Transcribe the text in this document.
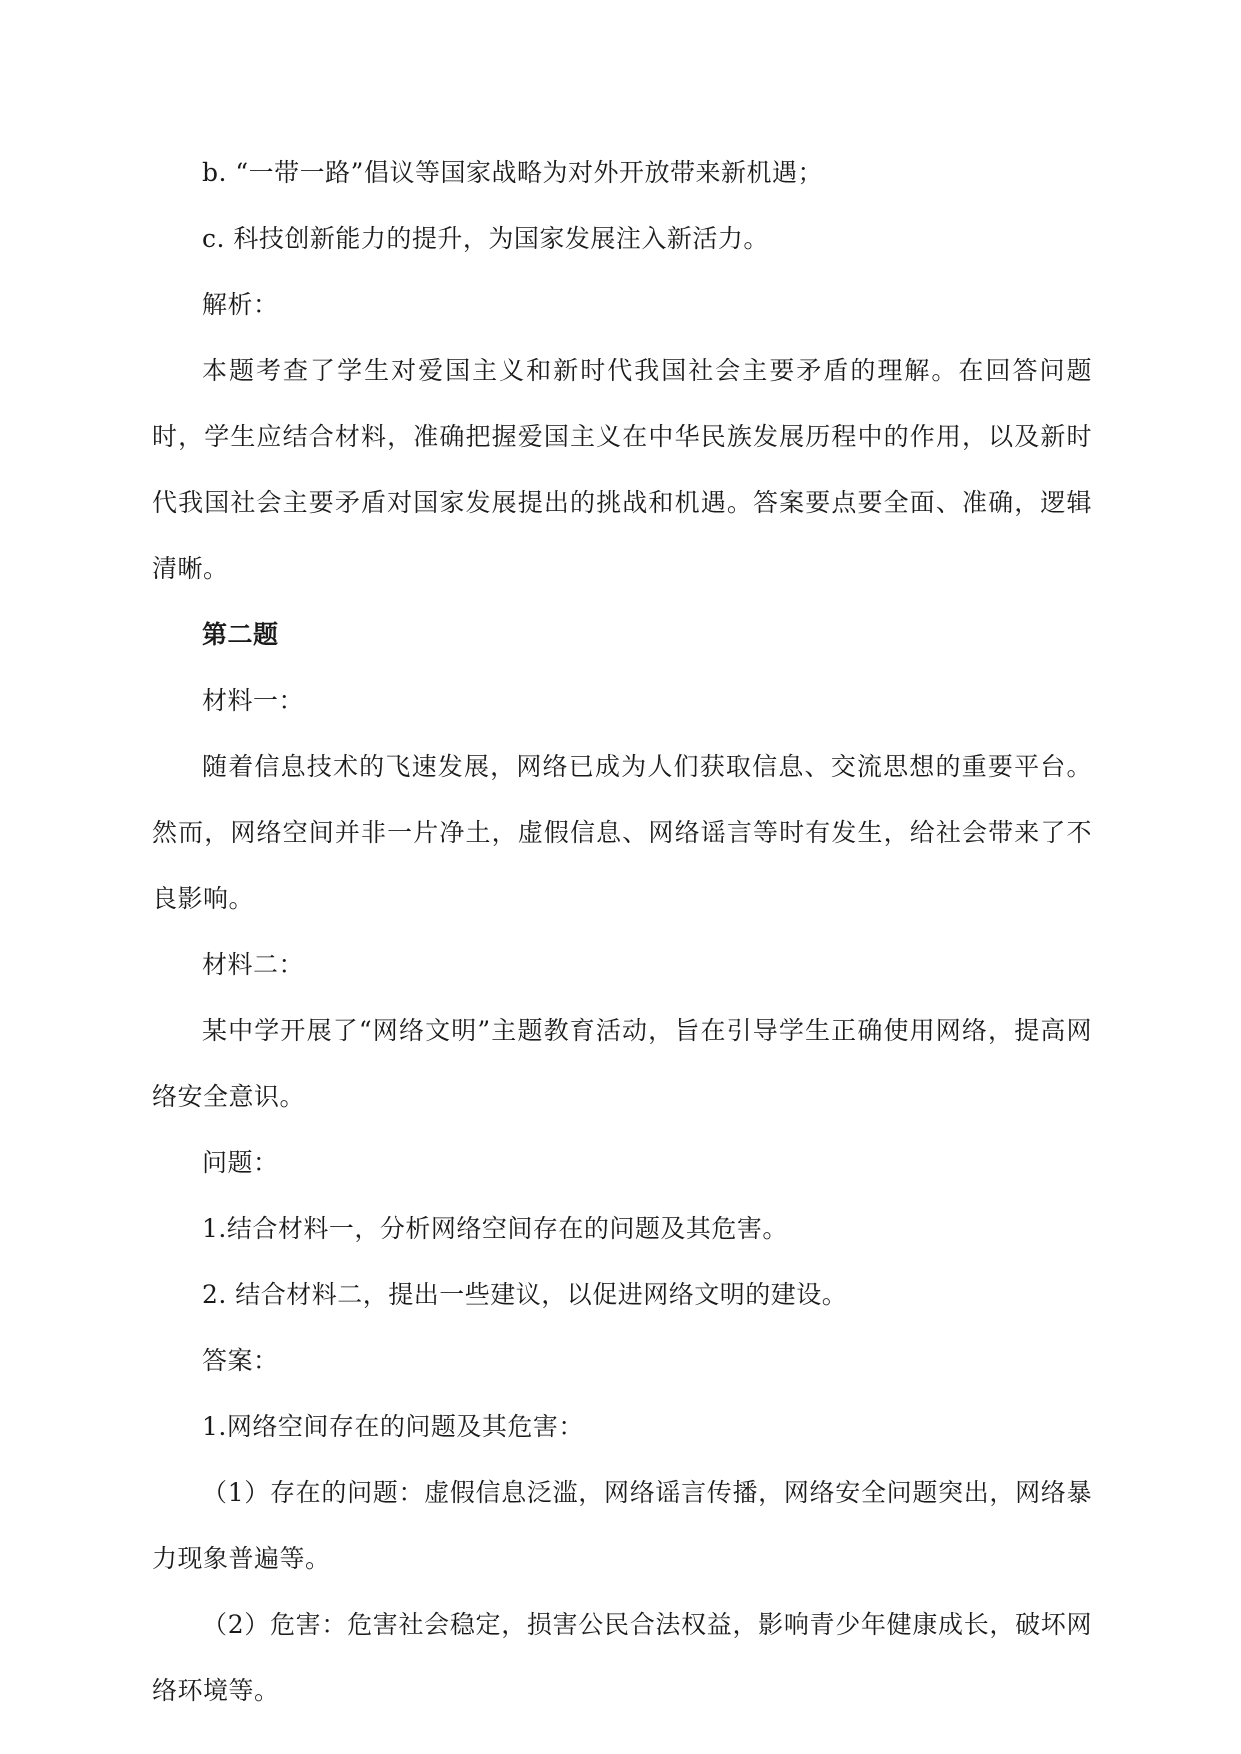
b. “一带一路”倡议等国家战略为对外开放带来新机遇；

c. 科技创新能力的提升，为国家发展注入新活力。

解析：

本题考查了学生对爱国主义和新时代我国社会主要矛盾的理解。在回答问题时，学生应结合材料，准确把握爱国主义在中华民族发展历程中的作用，以及新时代我国社会主要矛盾对国家发展提出的挑战和机遇。答案要点要全面、准确，逻辑清晰。

第二题

材料一：

随着信息技术的飞速发展，网络已成为人们获取信息、交流思想的重要平台。然而，网络空间并非一片净土，虚假信息、网络谣言等时有发生，给社会带来了不良影响。

材料二：

某中学开展了“网络文明”主题教育活动，旨在引导学生正确使用网络，提高网络安全意识。

问题：

1.结合材料一，分析网络空间存在的问题及其危害。

2. 结合材料二，提出一些建议，以促进网络文明的建设。

答案：

1.网络空间存在的问题及其危害：

（1）存在的问题：虚假信息泛滥，网络谣言传播，网络安全问题突出，网络暴力现象普遍等。

（2）危害：危害社会稳定，损害公民合法权益，影响青少年健康成长，破坏网络环境等。
